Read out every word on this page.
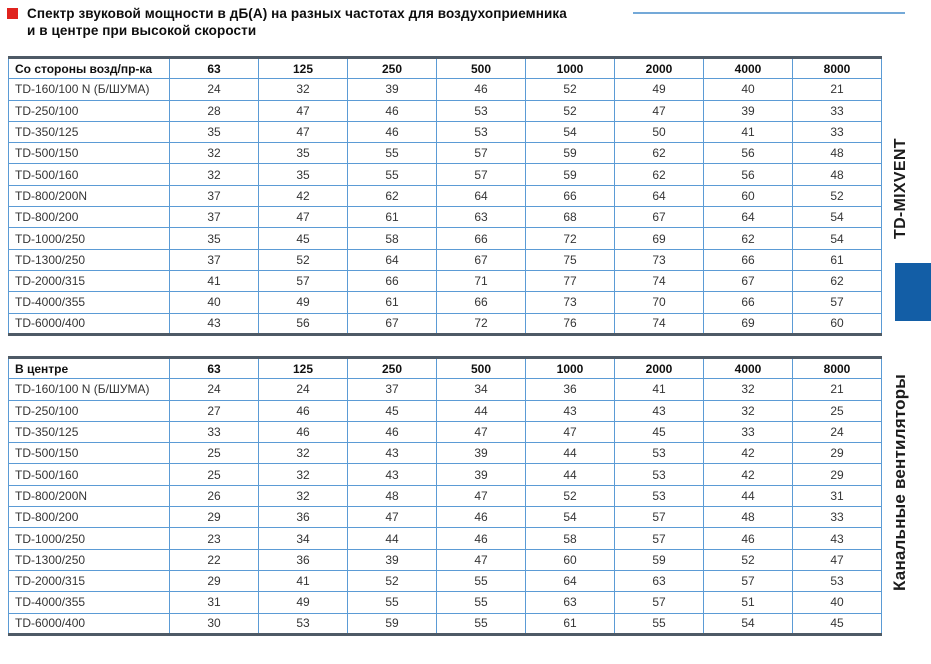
Спектр звуковой мощности в дБ(А) на разных частотах для воздухоприемника
и в центре при высокой скорости
Со стороны возд/пр-ка	63	125	250	500	1000	2000	4000	8000
TD-160/100 N (Б/ШУМА)	24	32	39	46	52	49	40	21
TD-250/100	28	47	46	53	52	47	39	33
TD-350/125	35	47	46	53	54	50	41	33
TD-500/150	32	35	55	57	59	62	56	48
TD-500/160	32	35	55	57	59	62	56	48
TD-800/200N	37	42	62	64	66	64	60	52
TD-800/200	37	47	61	63	68	67	64	54
TD-1000/250	35	45	58	66	72	69	62	54
TD-1300/250	37	52	64	67	75	73	66	61
TD-2000/315	41	57	66	71	77	74	67	62
TD-4000/355	40	49	61	66	73	70	66	57
TD-6000/400	43	56	67	72	76	74	69	60
В центре	63	125	250	500	1000	2000	4000	8000
TD-160/100 N (Б/ШУМА)	24	24	37	34	36	41	32	21
TD-250/100	27	46	45	44	43	43	32	25
TD-350/125	33	46	46	47	47	45	33	24
TD-500/150	25	32	43	39	44	53	42	29
TD-500/160	25	32	43	39	44	53	42	29
TD-800/200N	26	32	48	47	52	53	44	31
TD-800/200	29	36	47	46	54	57	48	33
TD-1000/250	23	34	44	46	58	57	46	43
TD-1300/250	22	36	39	47	60	59	52	47
TD-2000/315	29	41	52	55	64	63	57	53
TD-4000/355	31	49	55	55	63	57	51	40
TD-6000/400	30	53	59	55	61	55	54	45
TD-MIXVENT
Канальные вентиляторы
